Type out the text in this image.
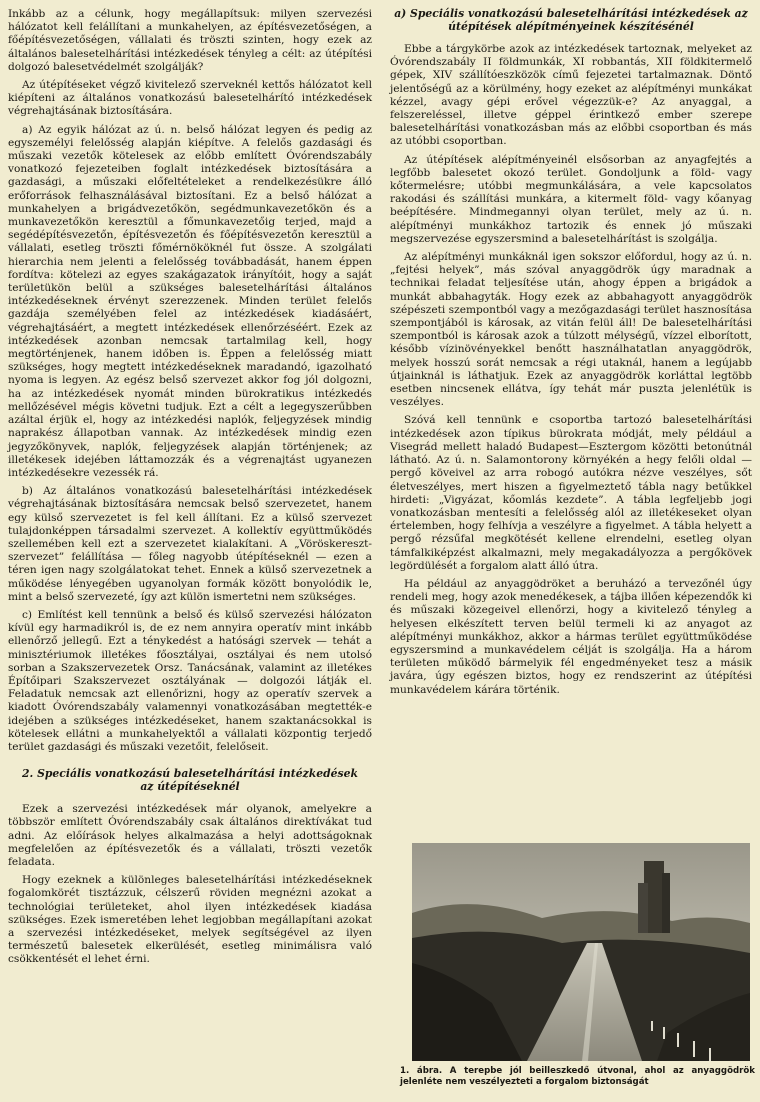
Inkább az a célunk, hogy megállapítsuk: milyen szervezési hálózatot kell felállítani a munkahelyen, az építésvezetőségen, a főépítésvezetőségen, vállalati és tröszti szinten, hogy ezek az általános balesetelhárítási intézkedések tényleg a célt: az útépítési dolgozó balesetvédelmét szolgálják?

Az útépítéseket végző kivitelező szerveknél kettős hálózatot kell kiépíteni az általános vonatkozású balesetelhárító intézkedések végrehajtásának biztosítására.

a) Az egyik hálózat az ú. n. belső hálózat legyen és pedig az egyszemélyi felelősség alapján kiépítve. A felelős gazdasági és műszaki vezetők kötelesek az előbb említett Óvórendszabály vonatkozó fejezeteiben foglalt intézkedések biztosítására a gazdasági, a műszaki előfeltételeket a rendelkezésükre álló erőforrások felhasználásával biztosítani. Ez a belső hálózat a munkahelyen a brigádvezetőkön, segédmunkavezetőkön és a munkavezetőkön keresztül a főmunkavezetőig terjed, majd a segédépítésvezetőn, építésvezetőn és főépítésvezetőn keresztül a vállalati, esetleg tröszti főmérnököknél fut össze. A szolgálati hierarchia nem jelenti a felelősség továbbadását, hanem éppen fordítva: kötelezi az egyes szakágazatok irányítóit, hogy a saját területükön belül a szükséges balesetelhárítási általános intézkedéseknek érvényt szerezzenek. Minden terület felelős gazdája személyében felel az intézkedések kiadásáért, végrehajtásáért, a megtett intézkedések ellenőrzéséért. Ezek az intézkedések azonban nemcsak tartalmilag kell, hogy megtörténjenek, hanem időben is. Éppen a felelősség miatt szükséges, hogy megtett intézkedéseknek maradandó, igazolható nyoma is legyen. Az egész belső szervezet akkor fog jól dolgozni, ha az intézkedések nyomát minden bürokratikus intézkedés mellőzésével mégis követni tudjuk. Ezt a célt a legegyszerűbben azáltal érjük el, hogy az intézkedési naplók, feljegyzések mindig naprakész állapotban vannak. Az intézkedések mindig ezen jegyzőkönyvek, naplók, feljegyzések alapján történjenek; az illetékesek idejében láttamozzák és a végrenajtást ugyanezen intézkedésekre vezessék rá.

b) Az általános vonatkozású balesetelhárítási intézkedések végrehajtásának biztosítására nemcsak belső szervezetet, hanem egy külső szervezetet is fel kell állítani. Ez a külső szervezet tulajdonképpen társadalmi szervezet. A kollektív együttműködés szellemében kell ezt a szervezetet kialakítani. A „Vöröskereszt-szervezet” felállítása — főleg nagyobb útépítéseknél — ezen a téren igen nagy szolgálatokat tehet. Ennek a külső szervezetnek a működése lényegében ugyanolyan formák között bonyolódik le, mint a belső szervezeté, így azt külön ismertetni nem szükséges.

c) Említést kell tennünk a belső és külső szervezési hálózaton kívül egy harmadikról is, de ez nem annyira operatív mint inkább ellenőrző jellegű. Ezt a ténykedést a hatósági szervek — tehát a minisztériumok illetékes főosztályai, osztályai és nem utolsó sorban a Szakszervezetek Orsz. Tanácsának, valamint az illetékes Építőipari Szakszervezet osztályának — dolgozói látják el. Feladatuk nemcsak azt ellenőrizni, hogy az operatív szervek a kiadott Óvórendszabály valamennyi vonatkozásában megtették-e idejében a szükséges intézkedéseket, hanem szaktanácsokkal is kötelesek ellátni a munkahelyektől a vállalati központig terjedő terület gazdasági és műszaki vezetőit, felelőseit.

2. Speciális vonatkozású balesetelhárítási intézkedések az útépítéseknél

Ezek a szervezési intézkedések már olyanok, amelyekre a többször említett Óvórendszabály csak általános direktívákat tud adni. Az előírások helyes alkalmazása a helyi adottságoknak megfelelően az építésvezetők és a vállalati, tröszti vezetők feladata.

Hogy ezeknek a különleges balesetelhárítási intézkedéseknek fogalomkörét tisztázzuk, célszerű röviden megnézni azokat a technológiai területeket, ahol ilyen intézkedések kiadása szükséges. Ezek ismeretében lehet legjobban megállapítani azokat a szervezési intézkedéseket, melyek segítségével az ilyen természetű balesetek elkerülését, esetleg minimálisra való csökkentését el lehet érni.

a) Speciális vonatkozású balesetelhárítási intézkedések az útépítések alépítményeinek készítésénél

Ebbe a tárgykörbe azok az intézkedések tartoznak, melyeket az Óvórendszabály II földmunkák, XI robbantás, XII földkitermelő gépek, XIV szállítóeszközök című fejezetei tartalmaznak. Döntő jelentőségű az a körülmény, hogy ezeket az alépítményi munkákat kézzel, avagy gépi erővel végezzük-e? Az anyaggal, a felszereléssel, illetve géppel érintkező ember szerepe balesetelhárítási vonatkozásban más az előbbi csoportban és más az utóbbi csoportban.

Az útépítések alépítményeinél elsősorban az anyagfejtés a legfőbb balesetet okozó terület. Gondoljunk a föld- vagy kőtermelésre; utóbbi megmunkálására, a vele kapcsolatos rakodási és szállítási munkára, a kitermelt föld- vagy kőanyag beépítésére. Mindmegannyi olyan terület, mely az ú. n. alépítményi munkákhoz tartozik és ennek jó műszaki megszervezése egyszersmind a balesetelhárítást is szolgálja.

Az alépítményi munkáknál igen sokszor előfordul, hogy az ú. n. „fejtési helyek”, más szóval anyaggödrök úgy maradnak a technikai feladat teljesítése után, ahogy éppen a brigádok a munkát abbahagyták. Hogy ezek az abbahagyott anyaggödrök szépészeti szempontból vagy a mezőgazdasági terület hasznosítása szempontjából is károsak, az vitán felül áll! De balesetelhárítási szempontból is károsak azok a túlzott mélységű, vízzel elborított, később vízinövényekkel benőtt használhatatlan anyaggödrök, melyek hosszú sorát nemcsak a régi utaknál, hanem a legújabb útjainknál is láthatjuk. Ezek az anyaggödrök korláttal legtöbb esetben nincsenek ellátva, így tehát már puszta jelenlétük is veszélyes.

Szóvá kell tennünk e csoportba tartozó balesetelhárítási intézkedések azon típikus bürokrata módját, mely például a Visegrád mellett haladó Budapest—Esztergom közötti betonútnál látható. Az ú. n. Salamontorony környékén a hegy felőli oldal — pergő köveivel az arra robogó autókra nézve veszélyes, sőt életveszélyes, mert hiszen a figyelmeztető tábla nagy betűkkel hirdeti: „Vigyázat, kőomlás kezdete”. A tábla legfeljebb jogi vonatkozásban mentesíti a felelősség alól az illetékeseket olyan értelemben, hogy felhívja a veszélyre a figyelmet. A tábla helyett a pergő rézsűfal megkötését kellene elrendelni, esetleg olyan támfalkiképzést alkalmazni, mely megakadályozza a pergőkövek legördülését a forgalom alatt álló útra.

Ha például az anyaggödröket a beruházó a tervezőnél úgy rendeli meg, hogy azok menedékesek, a tájba illően képezendők ki és műszaki közegeivel ellenőrzi, hogy a kivitelező tényleg a helyesen elkészített terven belül termeli ki az anyagot az alépítményi munkákhoz, akkor a hármas terület együttműködése egyszersmind a munkavédelem célját is szolgálja. Ha a három területen működő bármelyik fél engedményeket tesz a másik javára, úgy egészen biztos, hogy ez rendszerint az útépítési munkavédelem kárára történik.

1. ábra. A terepbe jól beilleszkedő útvonal, ahol az anyaggödrök jelenléte nem veszélyezteti a forgalom biztonságát
